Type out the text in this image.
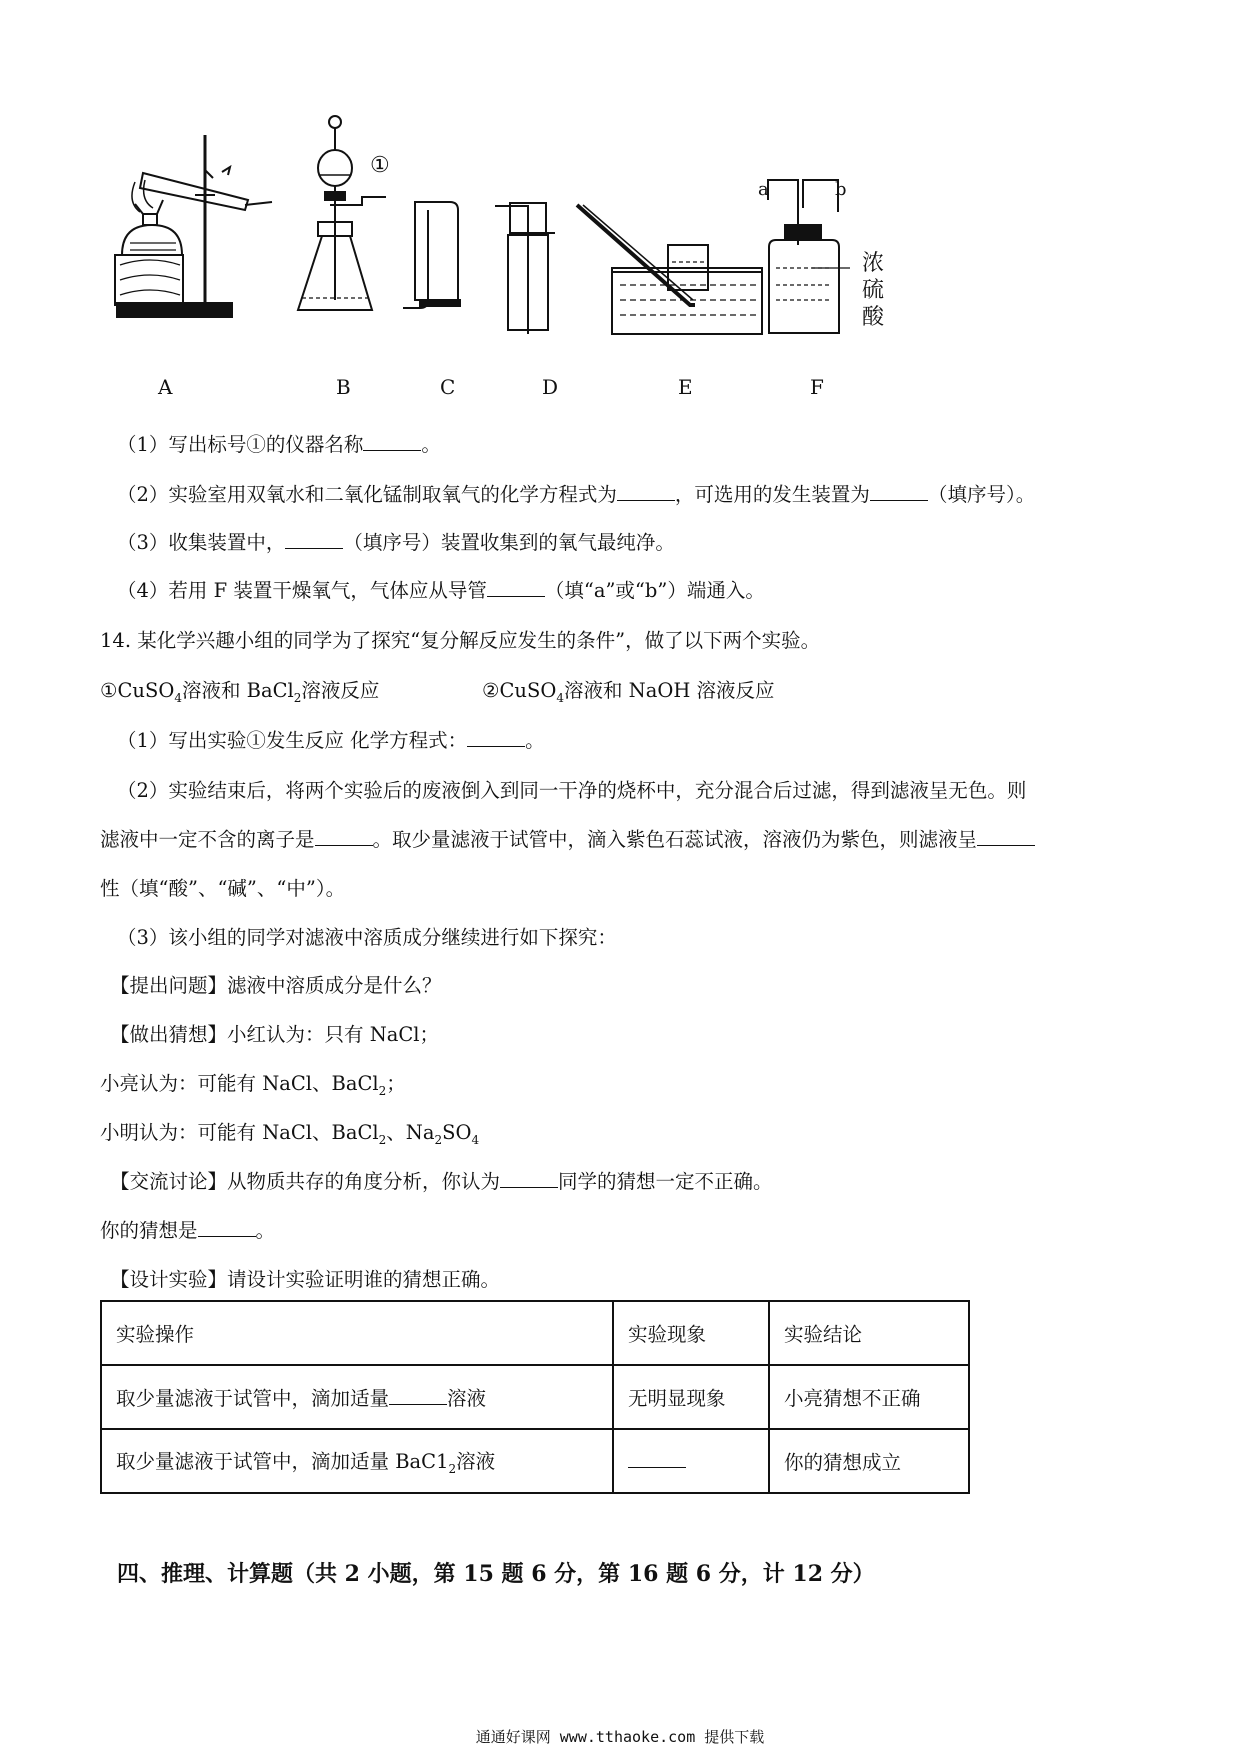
①
a	b
浓
硫
酸
A	B	C	D	E	F
（1）写出标号①的仪器名称	。
（2）实验室用双氧水和二氧化锰制取氧气的化学方程式为	，可选用的发生装置为	（填序号）。
（3）收集装置中，	（填序号）装置收集到的氧气最纯净。
（4）若用 F 装置干燥氧气，气体应从导管	（填“a”或“b”）端通入。
14. 某化学兴趣小组的同学为了探究“复分解反应发生的条件”，做了以下两个实验。
①CuSO$_4$溶液和 BaCl$_2$溶液反应	②CuSO$_4$溶液和 NaOH 溶液反应
（1）写出实验①发生反应 化学方程式：	。
（2）实验结束后，将两个实验后的废液倒入到同一干净的烧杯中，充分混合后过滤，得到滤液呈无色。则
滤液中一定不含的离子是	。取少量滤液于试管中，滴入紫色石蕊试液，溶液仍为紫色，则滤液呈
性（填“酸”、“碱”、“中”）。
（3）该小组的同学对滤液中溶质成分继续进行如下探究：
【提出问题】滤液中溶质成分是什么？
【做出猜想】小红认为：只有 NaCl；
小亮认为：可能有 NaCl、BaCl$_2$；
小明认为：可能有 NaCl、BaCl$_2$、$Na_2SO_4$
【交流讨论】从物质共存的角度分析，你认为	同学的猜想一定不正确。
你的猜想是	。
【设计实验】请设计实验证明谁的猜想正确。
实验操作	实验现象	实验结论
取少量滤液于试管中，滴加适量 溶液	无明显现象	小亮猜想不正确
取少量滤液于试管中，滴加适量 $BaC1_2$溶液		你的猜想成立
四、推理、计算题（共 2 小题，第 15 题 6 分，第 16 题 6 分，计 12 分）
通通好课网 www.tthaoke.com 提供下载
